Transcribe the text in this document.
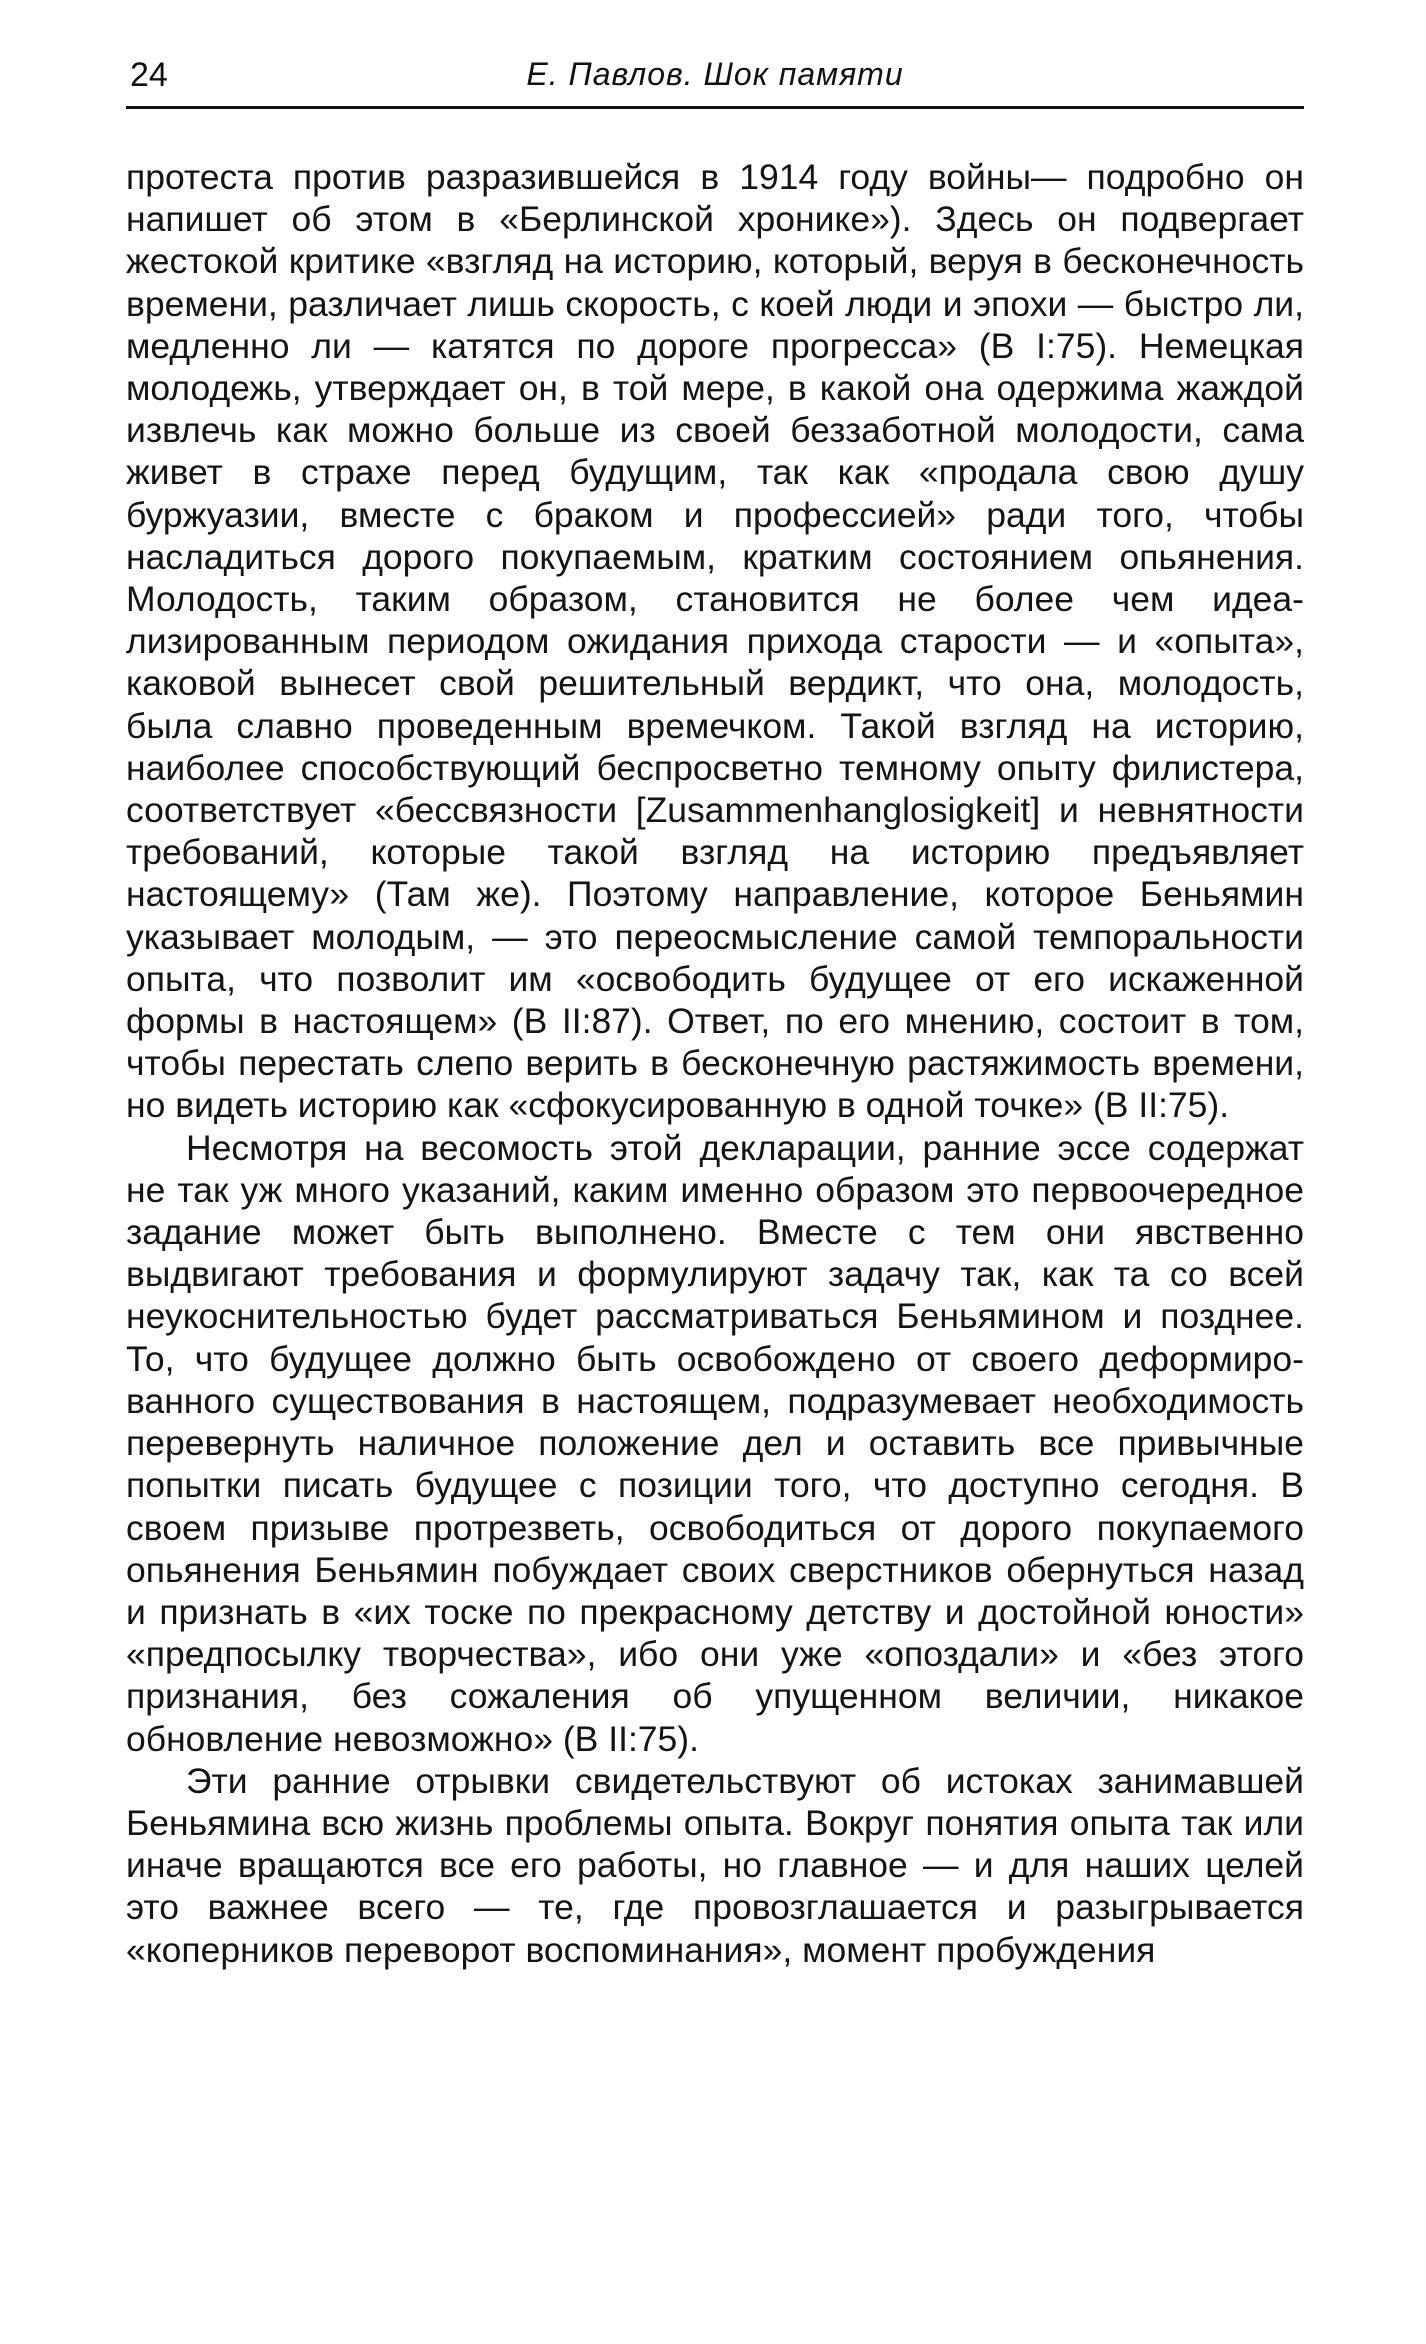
24	Е. Павлов. Шок памяти

протеста против разразившейся в 1914 году войны— подробно он напишет об этом в «Берлинской хронике»). Здесь он подвергает жестокой критике «взгляд на историю, который, веруя в бесконечность времени, различает лишь скорость, с коей люди и эпохи — быстро ли, медленно ли — катятся по дороге прогресса» (В I:75). Немецкая молодежь, утверждает он, в той мере, в какой она одержима жаждой извлечь как можно больше из своей беззаботной молодости, сама живет в страхе перед будущим, так как «продала свою душу буржуазии, вместе с браком и профессией» ради того, чтобы насладиться дорого покупаемым, кратким состоянием опьянения. Молодость, таким образом, становится не более чем идеализированным периодом ожидания прихода старости — и «опыта», каковой вынесет свой решительный вердикт, что она, молодость, была славно проведенным времечком. Такой взгляд на историю, наиболее способствующий беспросветно темному опыту филистера, соответствует «бессвязности [Zusammenhanglosigkeit] и невнятности требований, которые такой взгляд на историю предъявляет настоящему» (Там же). Поэтому направление, которое Беньямин указывает молодым, — это переосмысление самой темпоральности опыта, что позволит им «освободить будущее от его искаженной формы в настоящем» (В II:87). Ответ, по его мнению, состоит в том, чтобы перестать слепо верить в бесконечную растяжимость времени, но видеть историю как «сфокусированную в одной точке» (В II:75).

Несмотря на весомость этой декларации, ранние эссе содержат не так уж много указаний, каким именно образом это первоочередное задание может быть выполнено. Вместе с тем они явственно выдвигают требования и формулируют задачу так, как та со всей неукоснительностью будет рассматриваться Беньямином и позднее. То, что будущее должно быть освобождено от своего деформированного существования в настоящем, подразумевает необходимость перевернуть наличное положение дел и оставить все привычные попытки писать будущее с позиции того, что доступно сегодня. В своем призыве протрезветь, освободиться от дорого покупаемого опьянения Беньямин побуждает своих сверстников обернуться назад и признать в «их тоске по прекрасному детству и достойной юности» «предпосылку творчества», ибо они уже «опоздали» и «без этого признания, без сожаления об упущенном величии, никакое обновление невозможно» (В II:75).

Эти ранние отрывки свидетельствуют об истоках занимавшей Беньямина всю жизнь проблемы опыта. Вокруг понятия опыта так или иначе вращаются все его работы, но главное — и для наших целей это важнее всего — те, где провозглашается и разыгрывается «коперников переворот воспоминания», момент пробуждения
